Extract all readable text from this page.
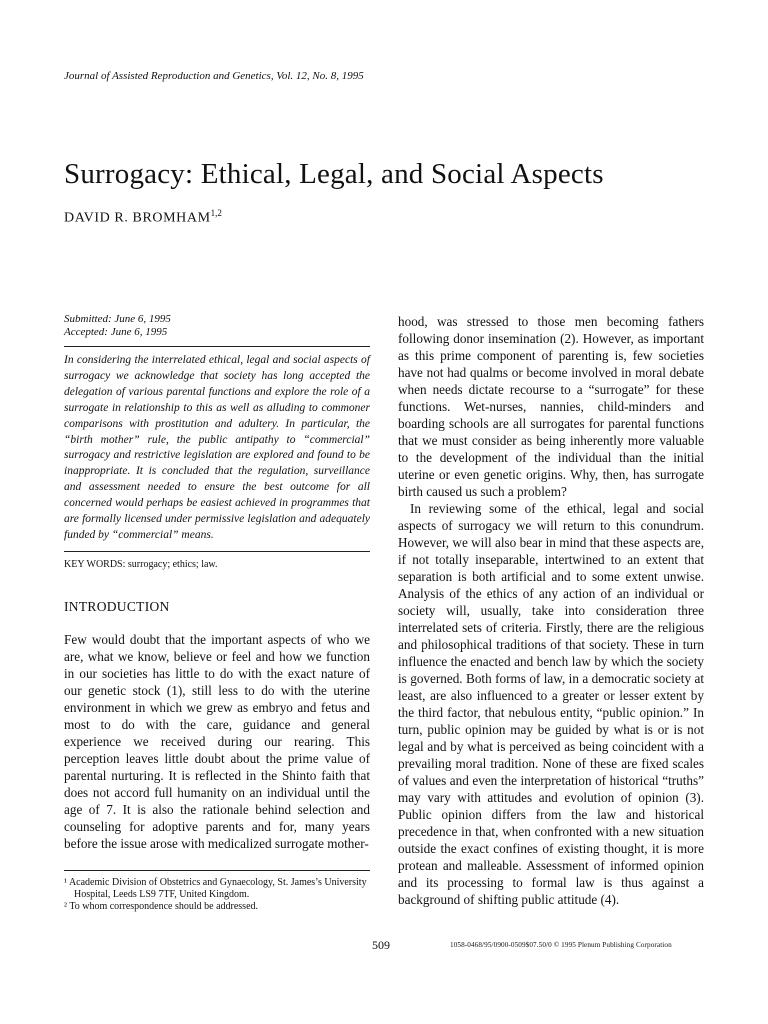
Journal of Assisted Reproduction and Genetics, Vol. 12, No. 8, 1995
Surrogacy: Ethical, Legal, and Social Aspects
DAVID R. BROMHAM$^{1,2}$
Submitted: June 6, 1995
Accepted: June 6, 1995

In considering the interrelated ethical, legal and social aspects of surrogacy we acknowledge that society has long accepted the delegation of various parental functions and explore the role of a surrogate in relationship to this as well as alluding to commoner comparisons with prostitution and adultery. In particular, the “birth mother” rule, the public antipathy to “commercial” surrogacy and restrictive legislation are explored and found to be inappropriate. It is concluded that the regulation, surveillance and assessment needed to ensure the best outcome for all concerned would perhaps be easiest achieved in programmes that are formally licensed under permissive legislation and adequately funded by “commercial” means.

KEY WORDS: surrogacy; ethics; law.
INTRODUCTION

Few would doubt that the important aspects of who we are, what we know, believe or feel and how we function in our societies has little to do with the exact nature of our genetic stock (1), still less to do with the uterine environment in which we grew as embryo and fetus and most to do with the care, guidance and general experience we received during our rearing. This perception leaves little doubt about the prime value of parental nurturing. It is reflected in the Shinto faith that does not accord full humanity on an individual until the age of 7. It is also the rationale behind selection and counseling for adoptive parents and for, many years before the issue arose with medicalized surrogate mother-

hood, was stressed to those men becoming fathers following donor insemination (2). However, as important as this prime component of parenting is, few societies have not had qualms or become involved in moral debate when needs dictate recourse to a “surrogate” for these functions. Wet-nurses, nannies, child-minders and boarding schools are all surrogates for parental functions that we must consider as being inherently more valuable to the development of the individual than the initial uterine or even genetic origins. Why, then, has surrogate birth caused us such a problem?

In reviewing some of the ethical, legal and social aspects of surrogacy we will return to this conundrum. However, we will also bear in mind that these aspects are, if not totally inseparable, intertwined to an extent that separation is both artificial and to some extent unwise. Analysis of the ethics of any action of an individual or society will, usually, take into consideration three interrelated sets of criteria. Firstly, there are the religious and philosophical traditions of that society. These in turn influence the enacted and bench law by which the society is governed. Both forms of law, in a democratic society at least, are also influenced to a greater or lesser extent by the third factor, that nebulous entity, “public opinion.” In turn, public opinion may be guided by what is or is not legal and by what is perceived as being coincident with a prevailing moral tradition. None of these are fixed scales of values and even the interpretation of historical “truths” may vary with attitudes and evolution of opinion (3). Public opinion differs from the law and historical precedence in that, when confronted with a new situation outside the exact confines of existing thought, it is more protean and malleable. Assessment of informed opinion and its processing to formal law is thus against a background of shifting public attitude (4).

¹ Academic Division of Obstetrics and Gynaecology, St. James’s University Hospital, Leeds LS9 7TF, United Kingdom.
² To whom correspondence should be addressed.
509	1058-0468/95/0900-0509$07.50/0 © 1995 Plenum Publishing Corporation
